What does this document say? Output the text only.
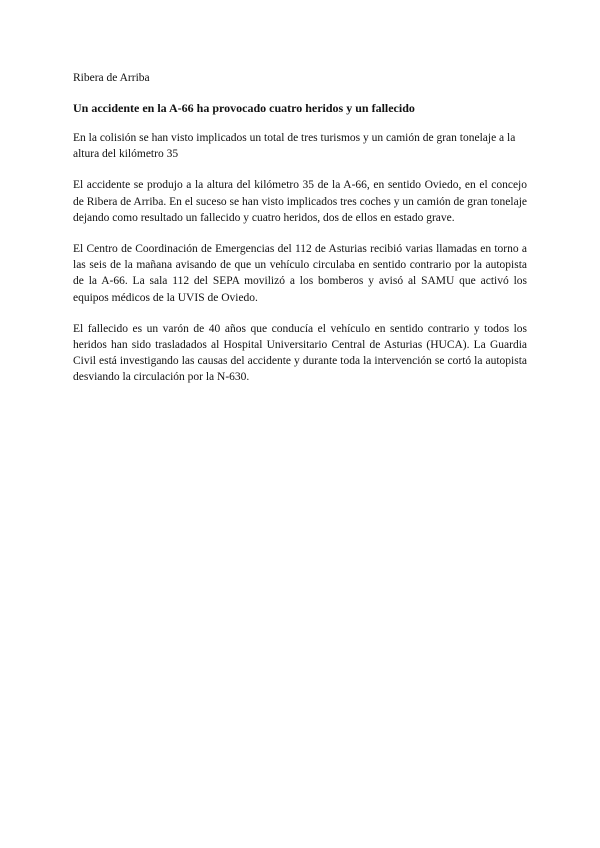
Ribera de Arriba

Un accidente en la A-66 ha provocado cuatro heridos y un fallecido

En la colisión se han visto implicados un total de tres turismos y un camión de gran tonelaje a la altura del kilómetro 35

El accidente se produjo a la altura del kilómetro 35 de la A-66, en sentido Oviedo, en el concejo de Ribera de Arriba. En el suceso se han visto implicados tres coches y un camión de gran tonelaje dejando como resultado un fallecido y cuatro heridos, dos de ellos en estado grave.

El Centro de Coordinación de Emergencias del 112 de Asturias recibió varias llamadas en torno a las seis de la mañana avisando de que un vehículo circulaba en sentido contrario por la autopista de la A-66. La sala 112 del SEPA movilizó a los bomberos y avisó al SAMU que activó los equipos médicos de la UVIS de Oviedo.

El fallecido es un varón de 40 años que conducía el vehículo en sentido contrario y todos los heridos han sido trasladados al Hospital Universitario Central de Asturias (HUCA). La Guardia Civil está investigando las causas del accidente y durante toda la intervención se cortó la autopista desviando la circulación por la N-630.
